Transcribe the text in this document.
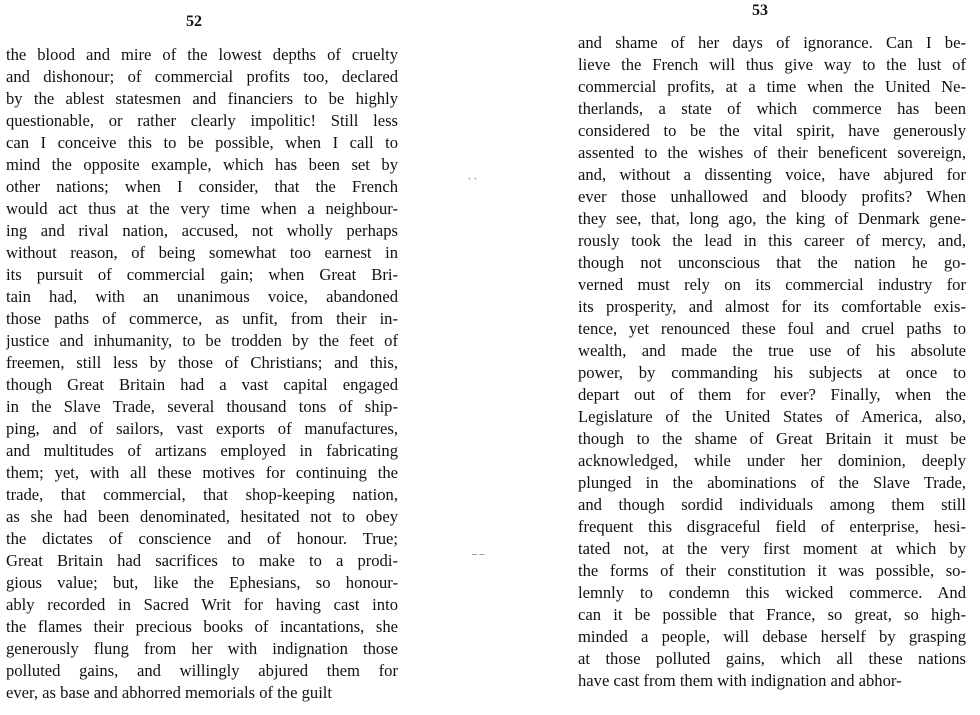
52
the blood and mire of the lowest depths of cruelty
and dishonour; of commercial profits too, declared
by the ablest statesmen and financiers to be highly
questionable, or rather clearly impolitic! Still less
can I conceive this to be possible, when I call to
mind the opposite example, which has been set by
other nations; when I consider, that the French
would act thus at the very time when a neighbour-
ing and rival nation, accused, not wholly perhaps
without reason, of being somewhat too earnest in
its pursuit of commercial gain; when Great Bri-
tain had, with an unanimous voice, abandoned
those paths of commerce, as unfit, from their in-
justice and inhumanity, to be trodden by the feet of
freemen, still less by those of Christians; and this,
though Great Britain had a vast capital engaged
in the Slave Trade, several thousand tons of ship-
ping, and of sailors, vast exports of manufactures,
and multitudes of artizans employed in fabricating
them; yet, with all these motives for continuing the
trade, that commercial, that shop-keeping nation,
as she had been denominated, hesitated not to obey
the dictates of conscience and of honour. True;
Great Britain had sacrifices to make to a prodi-
gious value; but, like the Ephesians, so honour-
ably recorded in Sacred Writ for having cast into
the flames their precious books of incantations, she
generously flung from her with indignation those
polluted gains, and willingly abjured them for
ever, as base and abhorred memorials of the guilt
ˎ ˏ
‒ ‒
53
and shame of her days of ignorance. Can I be-
lieve the French will thus give way to the lust of
commercial profits, at a time when the United Ne-
therlands, a state of which commerce has been
considered to be the vital spirit, have generously
assented to the wishes of their beneficent sovereign,
and, without a dissenting voice, have abjured for
ever those unhallowed and bloody profits? When
they see, that, long ago, the king of Denmark gene-
rously took the lead in this career of mercy, and,
though not unconscious that the nation he go-
verned must rely on its commercial industry for
its prosperity, and almost for its comfortable exis-
tence, yet renounced these foul and cruel paths to
wealth, and made the true use of his absolute
power, by commanding his subjects at once to
depart out of them for ever? Finally, when the
Legislature of the United States of America, also,
though to the shame of Great Britain it must be
acknowledged, while under her dominion, deeply
plunged in the abominations of the Slave Trade,
and though sordid individuals among them still
frequent this disgraceful field of enterprise, hesi-
tated not, at the very first moment at which by
the forms of their constitution it was possible, so-
lemnly to condemn this wicked commerce. And
can it be possible that France, so great, so high-
minded a people, will debase herself by grasping
at those polluted gains, which all these nations
have cast from them with indignation and abhor-
